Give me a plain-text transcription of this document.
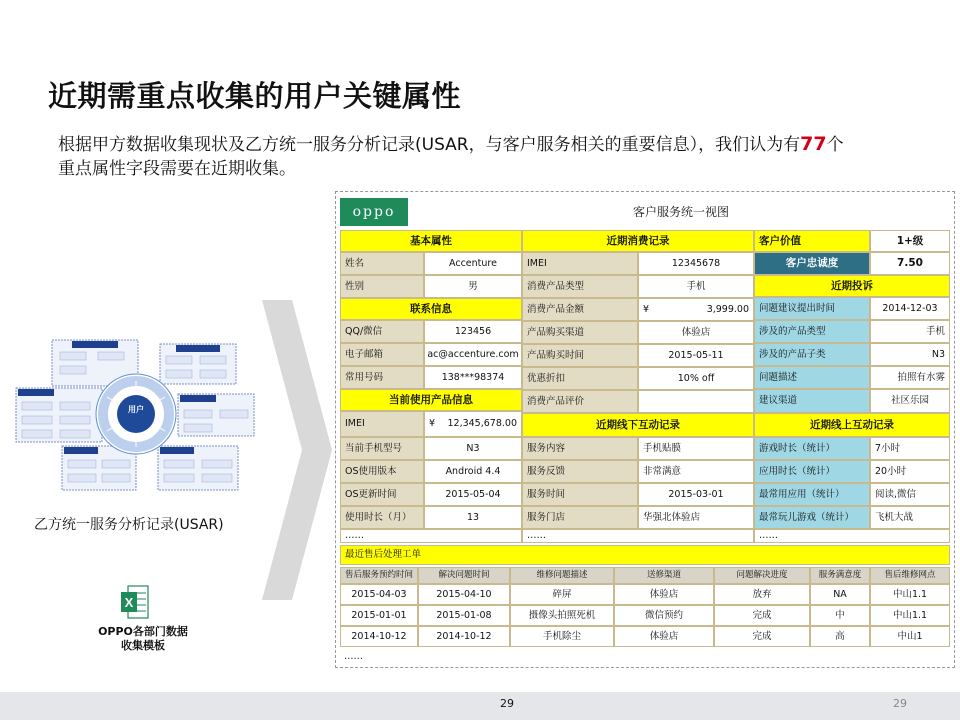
近期需重点收集的用户关键属性
根据甲方数据收集现状及乙方统一服务分析记录(USAR，与客户服务相关的重要信息），我们认为有77个
重点属性字段需要在近期收集。
用户
乙方统一服务分析记录(USAR)
X
OPPO各部门数据
收集模板
oppo	客户服务统一视图
基本属性	近期消费记录	客户价值	1+级
姓名	Accenture
性别	男
联系信息
QQ/微信	123456
电子邮箱	ac@accenture.com
常用号码	138***98374
当前使用产品信息
IMEI	¥ 12,345,678.00
当前手机型号	N3
OS使用版本	Android 4.4
OS更新时间	2015-05-04
使用时长（月）	13
IMEI	12345678
消费产品类型	手机
消费产品金额	¥	3,999.00
产品购买渠道	体验店
产品购买时间	2015-05-11
优惠折扣	10% off
消费产品评价
客户忠诚度	7.50
近期投诉
问题建议提出时间	2014-12-03
涉及的产品类型	手机
涉及的产品子类	N3
问题描述	拍照有水雾
建议渠道	社区乐园
近期线下互动记录	近期线上互动记录
服务内容	手机贴膜
服务反馈	非常满意
服务时间	2015-03-01
服务门店	华强北体验店
游戏时长（统计）	7小时
应用时长（统计）	20小时
最常用应用（统计）	阅读,微信
最常玩儿游戏（统计）	飞机大战
……	……	……
最近售后处理工单
……
售后服务预约时间	解决问题时间	维修问题描述	送修渠道	问题解决进度	服务满意度	售后维修网点
2015-04-03	2015-04-10	碎屏	体验店	放弃	NA	中山1.1
2015-01-01	2015-01-08	摄像头拍照死机	微信预约	完成	中	中山1.1
2014-10-12	2014-10-12	手机除尘	体验店	完成	高	中山1
29	29
